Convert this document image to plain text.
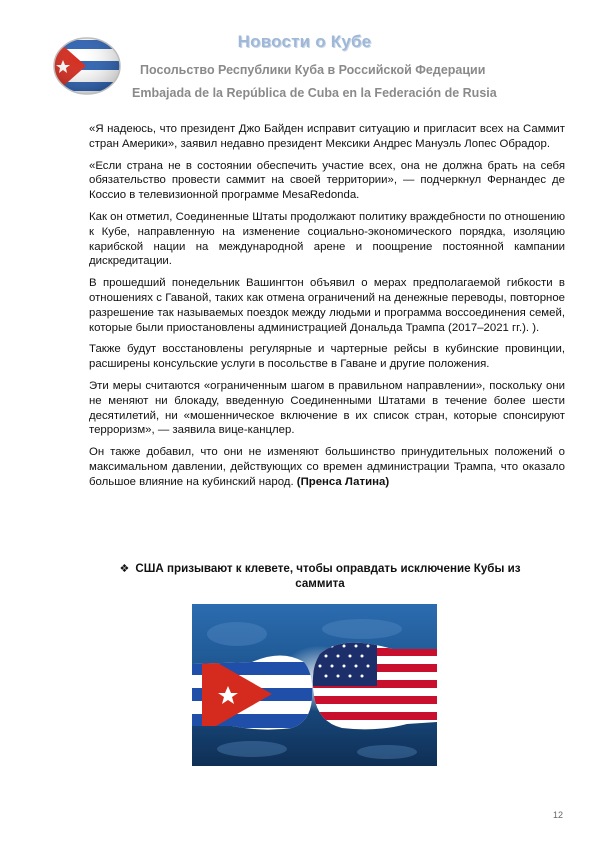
Новости о Кубе
Посольство Республики Куба в Российской Федерации
Embajada de la República de Cuba en la Federación de Rusia

«Я надеюсь, что президент Джо Байден исправит ситуацию и пригласит всех на Саммит стран Америки», заявил недавно президент Мексики Андрес Мануэль Лопес Обрадор.

«Если страна не в состоянии обеспечить участие всех, она не должна брать на себя обязательство провести саммит на своей территории», — подчеркнул Фернандес де Коссио в телевизионной программе MesaRedonda.

Как он отметил, Соединенные Штаты продолжают политику враждебности по отношению к Кубе, направленную на изменение социально-экономического порядка, изоляцию карибской нации на международной арене и поощрение постоянной кампании дискредитации.

В прошедший понедельник Вашингтон объявил о мерах предполагаемой гибкости в отношениях с Гаваной, таких как отмена ограничений на денежные переводы, повторное разрешение так называемых поездок между людьми и программа воссоединения семей, которые были приостановлены администрацией Дональда Трампа (2017–2021 гг.). ).

Также будут восстановлены регулярные и чартерные рейсы в кубинские провинции, расширены консульские услуги в посольстве в Гаване и другие положения.

Эти меры считаются «ограниченным шагом в правильном направлении», поскольку они не меняют ни блокаду, введенную Соединенными Штатами в течение более шести десятилетий, ни «мошенническое включение в их список стран, которые спонсируют терроризм», — заявила вице-канцлер.

Он также добавил, что они не изменяют большинство принудительных положений о максимальном давлении, действующих со времен администрации Трампа, что оказало большое влияние на кубинский народ. (Пренса Латина)

❖ США призывают к клевете, чтобы оправдать исключение Кубы из саммита
12
